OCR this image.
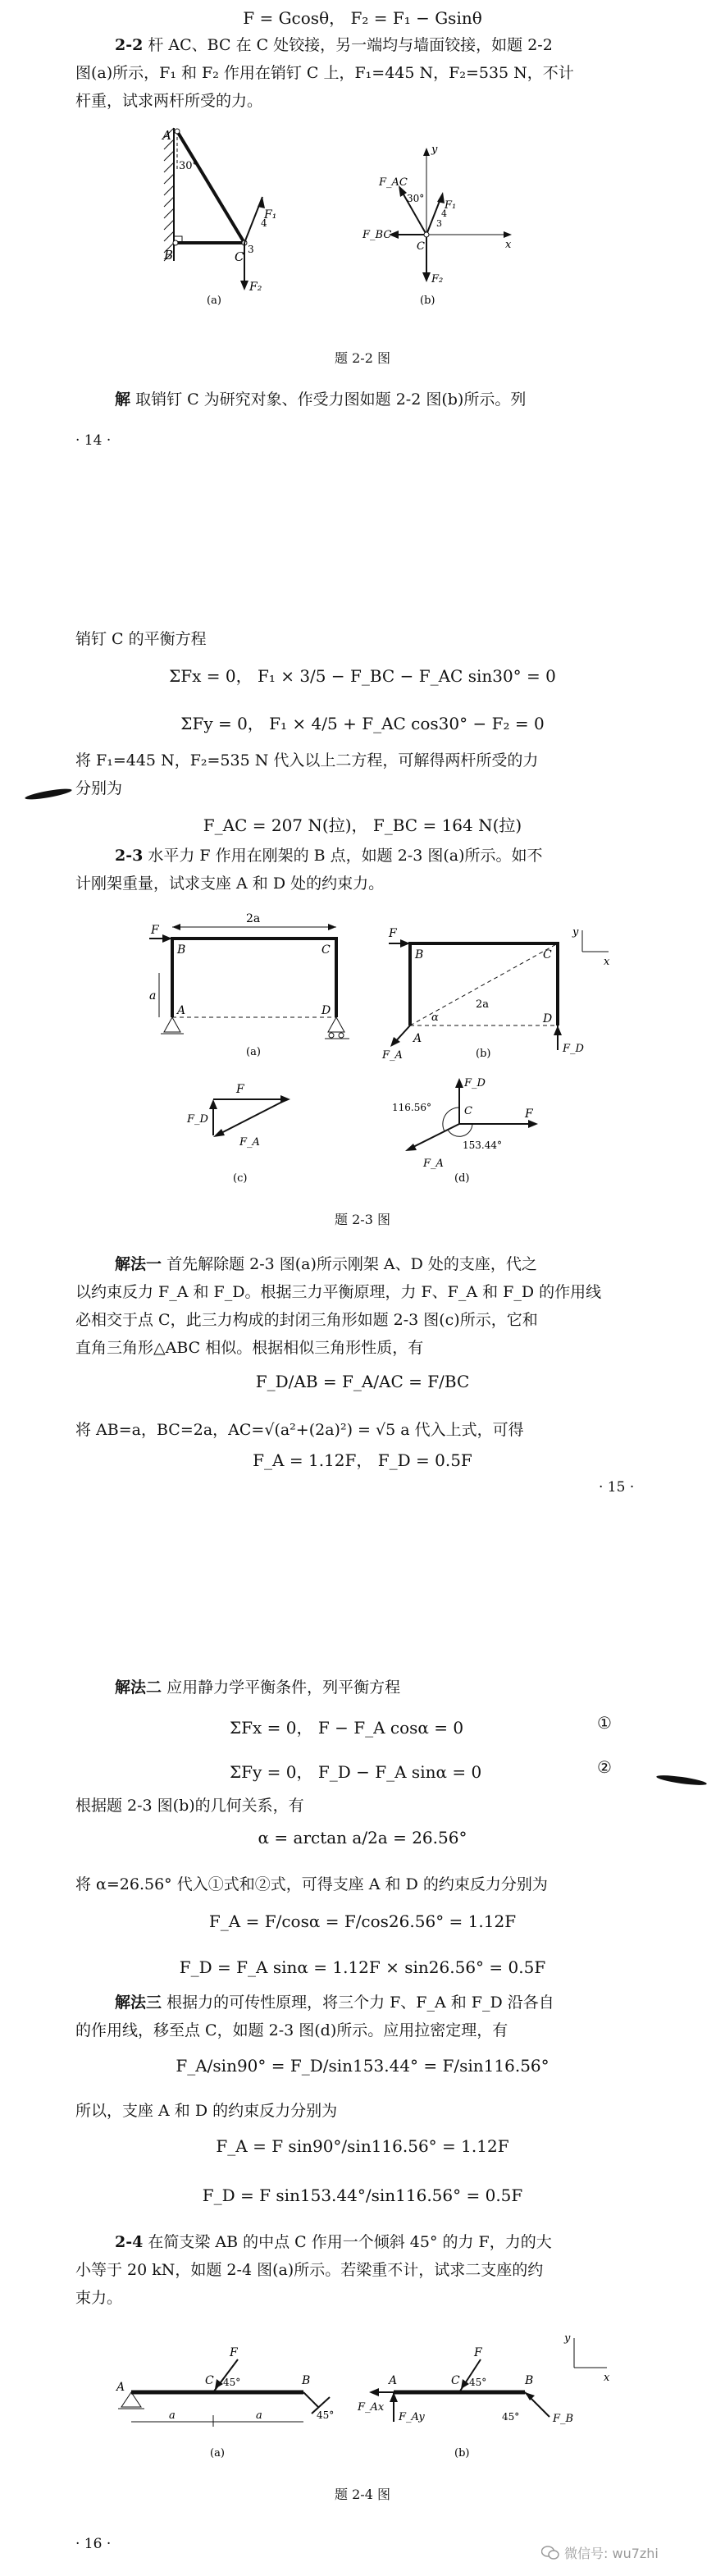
F = Gcosθ， F₂ = F₁ − Gsinθ
2-2 杆 AC、BC 在 C 处铰接，另一端均与墙面铰接，如题 2-2
图(a)所示，F₁ 和 F₂ 作用在销钉 C 上，F₁=445 N，F₂=535 N，不计
杆重，试求两杆所受的力。
A
30°
B	C 3
4
F₁
F₂
(a)
y
F_AC
30°
F₁
F_BC
C
3
4
x
F₂
(b)
题 2-2 图
解 取销钉 C 为研究对象、作受力图如题 2-2 图(b)所示。列
· 14 ·
销钉 C 的平衡方程
ΣFx = 0， F₁ × 3/5 − F_BC − F_AC sin30° = 0
ΣFy = 0， F₁ × 4/5 + F_AC cos30° − F₂ = 0
将 F₁=445 N，F₂=535 N 代入以上二方程，可解得两杆所受的力
分别为
F_AC = 207 N(拉)， F_BC = 164 N(拉)
2-3 水平力 F 作用在刚架的 B 点，如题 2-3 图(a)所示。如不
计刚架重量，试求支座 A 和 D 处的约束力。
F
2a
B	C
a
A	D
(a)
F
B	C
y
x
α
2a
A
D
F_A
F_D
(b)
F
F_D
F_A
(c)
F_D
116.56°	C	F
153.44°
F_A
(d)
题 2-3 图
解法一 首先解除题 2-3 图(a)所示刚架 A、D 处的支座，代之
以约束反力 F_A 和 F_D。根据三力平衡原理，力 F、F_A 和 F_D 的作用线
必相交于点 C，此三力构成的封闭三角形如题 2-3 图(c)所示，它和
直角三角形△ABC 相似。根据相似三角形性质，有
F_D/AB = F_A/AC = F/BC
将 AB=a，BC=2a，AC=√(a²+(2a)²) = √5 a 代入上式，可得
F_A = 1.12F， F_D = 0.5F
· 15 ·
解法二 应用静力学平衡条件，列平衡方程
ΣFx = 0， F − F_A cosα = 0	①
ΣFy = 0， F_D − F_A sinα = 0	②
根据题 2-3 图(b)的几何关系，有
α = arctan a/2a = 26.56°
将 α=26.56° 代入①式和②式，可得支座 A 和 D 的约束反力分别为
F_A = F/cosα = F/cos26.56° = 1.12F
F_D = F_A sinα = 1.12F × sin26.56° = 0.5F
解法三 根据力的可传性原理，将三个力 F、F_A 和 F_D 沿各自
的作用线，移至点 C，如题 2-3 图(d)所示。应用拉密定理，有
F_A/sin90° = F_D/sin153.44° = F/sin116.56°
所以，支座 A 和 D 的约束反力分别为
F_A = F sin90°/sin116.56° = 1.12F
F_D = F sin153.44°/sin116.56° = 0.5F
2-4 在简支梁 AB 的中点 C 作用一个倾斜 45° 的力 F，力的大
小等于 20 kN，如题 2-4 图(a)所示。若梁重不计，试求二支座的约
束力。
F
C 45°	B
A
45°
a	a
(a)
F
A	C 45°	B
F_Ax
F_Ay	45°	F_B
y
x
(b)
题 2-4 图
· 16 ·
微信号: wu7zhi
